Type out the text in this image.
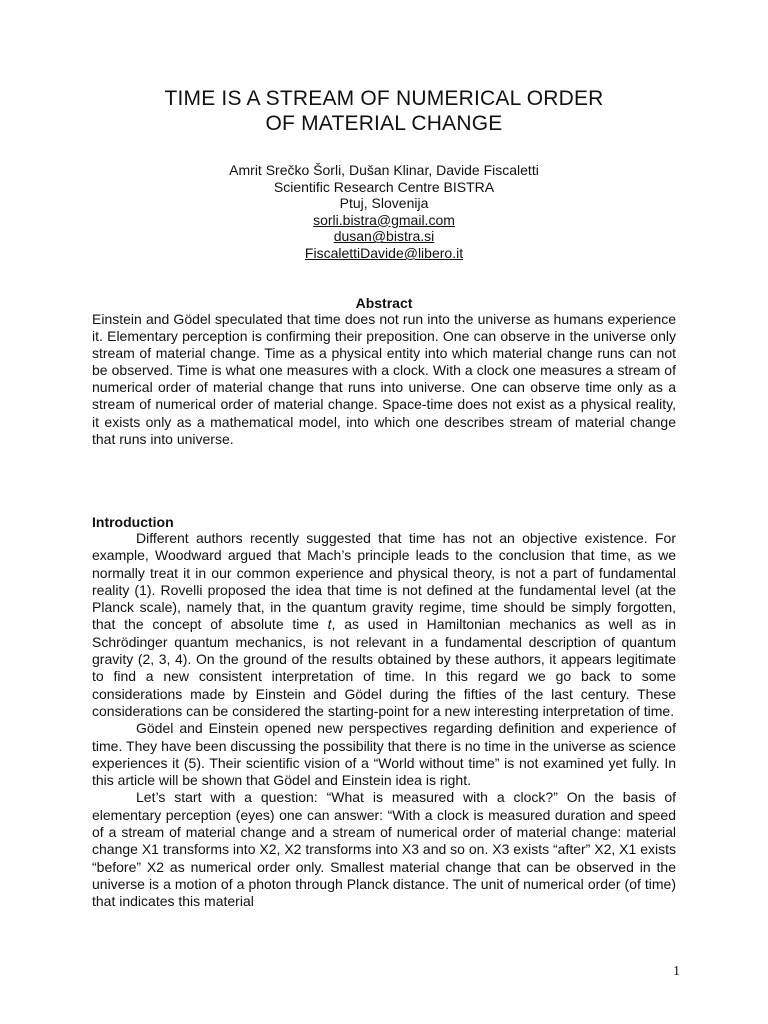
TIME IS A STREAM OF NUMERICAL ORDER
OF MATERIAL CHANGE
Amrit Srečko Šorli, Dušan Klinar, Davide Fiscaletti
Scientific Research Centre BISTRA
Ptuj, Slovenija
sorli.bistra@gmail.com
dusan@bistra.si
FiscalettiDavide@libero.it
Abstract
Einstein and Gödel speculated that time does not run into the universe as humans experience it. Elementary perception is confirming their preposition. One can observe in the universe only stream of material change. Time as a physical entity into which material change runs can not be observed. Time is what one measures with a clock. With a clock one measures a stream of numerical order of material change that runs into universe. One can observe time only as a stream of numerical order of material change. Space-time does not exist as a physical reality, it exists only as a mathematical model, into which one describes stream of material change that runs into universe.
Introduction

Different authors recently suggested that time has not an objective existence. For example, Woodward argued that Mach’s principle leads to the conclusion that time, as we normally treat it in our common experience and physical theory, is not a part of fundamental reality (1). Rovelli proposed the idea that time is not defined at the fundamental level (at the Planck scale), namely that, in the quantum gravity regime, time should be simply forgotten, that the concept of absolute time t, as used in Hamiltonian mechanics as well as in Schrödinger quantum mechanics, is not relevant in a fundamental description of quantum gravity (2, 3, 4). On the ground of the results obtained by these authors, it appears legitimate to find a new consistent interpretation of time. In this regard we go back to some considerations made by Einstein and Gödel during the fifties of the last century. These considerations can be considered the starting-point for a new interesting interpretation of time.

Gödel and Einstein opened new perspectives regarding definition and experience of time. They have been discussing the possibility that there is no time in the universe as science experiences it (5). Their scientific vision of a “World without time” is not examined yet fully. In this article will be shown that Gödel and Einstein idea is right.

Let’s start with a question: “What is measured with a clock?” On the basis of elementary perception (eyes) one can answer: “With a clock is measured duration and speed of a stream of material change and a stream of numerical order of material change: material change X1 transforms into X2, X2 transforms into X3 and so on. X3 exists “after” X2, X1 exists “before” X2 as numerical order only. Smallest material change that can be observed in the universe is a motion of a photon through Planck distance. The unit of numerical order (of time) that indicates this material

1
